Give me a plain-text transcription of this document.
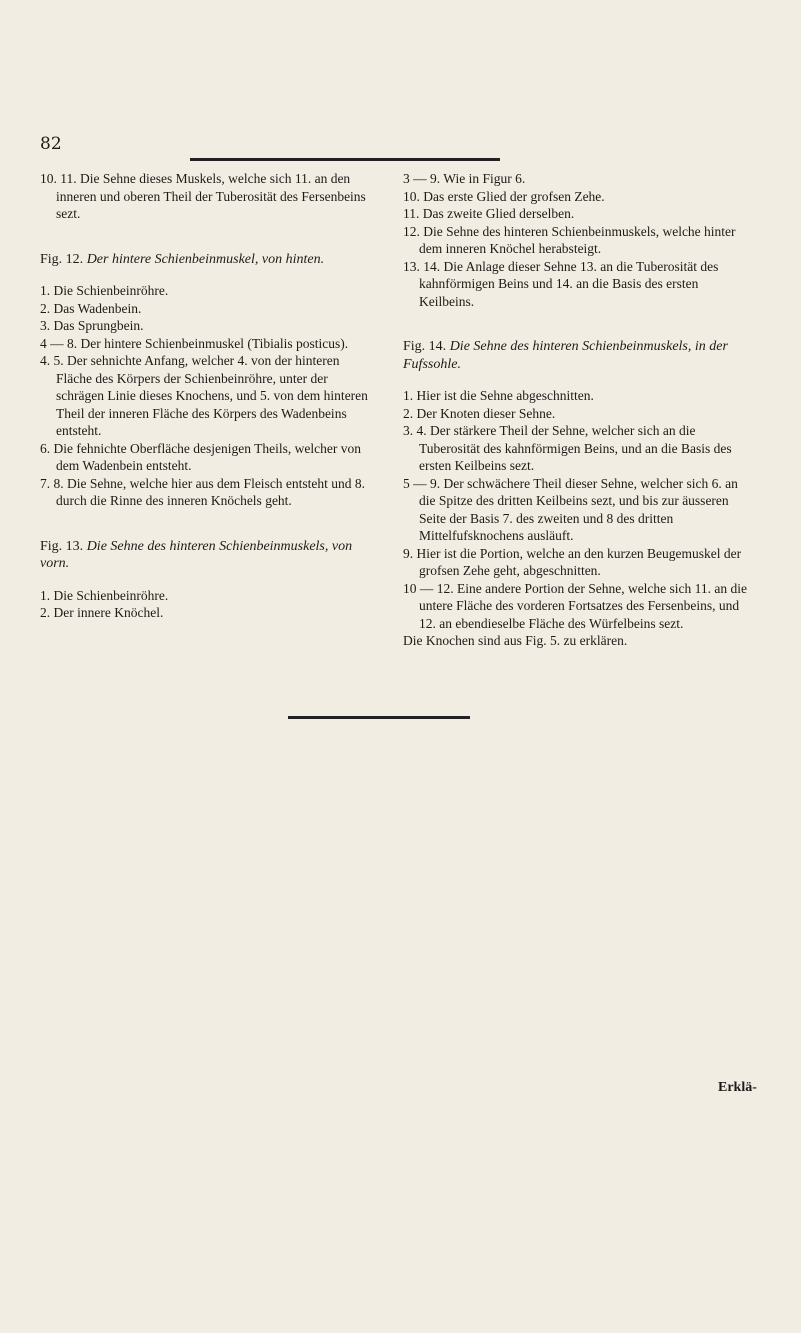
82

10. 11. Die Sehne dieses Muskels, welche sich 11. an den inneren und oberen Theil der Tuberosität des Fersenbeins sezt.

Fig. 12. Der hintere Schienbeinmuskel, von hinten.

1. Die Schienbeinröhre.

2. Das Wadenbein.

3. Das Sprungbein.

4 — 8. Der hintere Schienbeinmuskel (Tibialis posticus).

4. 5. Der sehnichte Anfang, welcher 4. von der hinteren Fläche des Körpers der Schienbeinröhre, unter der schrägen Linie dieses Knochens, und 5. von dem hinteren Theil der inneren Fläche des Körpers des Wadenbeins entsteht.

6. Die fehnichte Oberfläche desjenigen Theils, welcher von dem Wadenbein entsteht.

7. 8. Die Sehne, welche hier aus dem Fleisch entsteht und 8. durch die Rinne des inneren Knöchels geht.

Fig. 13. Die Sehne des hinteren Schienbeinmuskels, von vorn.

1. Die Schienbeinröhre.

2. Der innere Knöchel.

3 — 9. Wie in Figur 6.

10. Das erste Glied der grofsen Zehe.

11. Das zweite Glied derselben.

12. Die Sehne des hinteren Schienbeinmuskels, welche hinter dem inneren Knöchel herabsteigt.

13. 14. Die Anlage dieser Sehne 13. an die Tuberosität des kahnförmigen Beins und 14. an die Basis des ersten Keilbeins.

Fig. 14. Die Sehne des hinteren Schienbeinmuskels, in der Fufssohle.

1. Hier ist die Sehne abgeschnitten.

2. Der Knoten dieser Sehne.

3. 4. Der stärkere Theil der Sehne, welcher sich an die Tuberosität des kahnförmigen Beins, und an die Basis des ersten Keilbeins sezt.

5 — 9. Der schwächere Theil dieser Sehne, welcher sich 6. an die Spitze des dritten Keilbeins sezt, und bis zur äusseren Seite der Basis 7. des zweiten und 8 des dritten Mittelfufsknochens ausläuft.

9. Hier ist die Portion, welche an den kurzen Beugemuskel der grofsen Zehe geht, abgeschnitten.

10 — 12. Eine andere Portion der Sehne, welche sich 11. an die untere Fläche des vorderen Fortsatzes des Fersenbeins, und 12. an ebendieselbe Fläche des Würfelbeins sezt.

Die Knochen sind aus Fig. 5. zu erklären.

Erklä-
